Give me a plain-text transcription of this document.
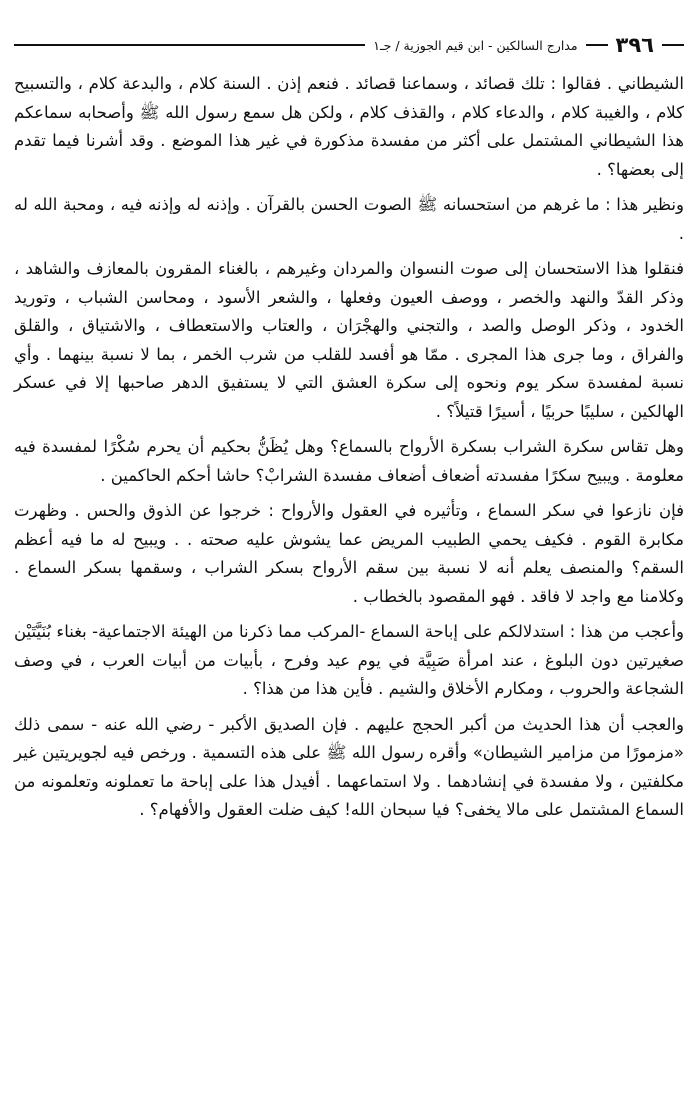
٣٩٦
مدارج السالكين - ابن قيم الجوزية / جـ١

الشيطاني . فقالوا : تلك قصائد ، وسماعنا قصائد . فنعم إذن . السنة كلام ، والبدعة كلام ، والتسبيح كلام ، والغيبة كلام ، والدعاء كلام ، والقذف كلام ، ولكن هل سمع رسول الله ﷺ وأصحابه سماعكم هذا الشيطاني المشتمل على أكثر من مفسدة مذكورة في غير هذا الموضع . وقد أشرنا فيما تقدم إلى بعضها؟ .

ونظير هذا : ما غرهم من استحسانه ﷺ الصوت الحسن بالقرآن . وإذنه له وإذنه فيه ، ومحبة الله له .

فنقلوا هذا الاستحسان إلى صوت النسوان والمردان وغيرهم ، بالغناء المقرون بالمعازف والشاهد ، وذكر القدّ والنهد والخصر ، ووصف العيون وفعلها ، والشعر الأسود ، ومحاسن الشباب ، وتوريد الخدود ، وذكر الوصل والصد ، والتجني والهجْرَان ، والعتاب والاستعطاف ، والاشتياق ، والقلق والفراق ، وما جرى هذا المجرى . ممّا هو أفسد للقلب من شرب الخمر ، بما لا نسبة بينهما . وأي نسبة لمفسدة سكر يوم ونحوه إلى سكرة العشق التي لا يستفيق الدهر صاحبها إلا في عسكر الهالكين ، سليبًا حربيًا ، أسيرًا قتيلاً؟ .

وهل تقاس سكرة الشراب بسكرة الأرواح بالسماع؟ وهل يُظَنُّ بحكيم أن يحرم سُكْرًا لمفسدة فيه معلومة . ويبيح سكرًا مفسدته أضعاف أضعاف مفسدة الشرابْ؟ حاشا أحكم الحاكمين .

فإن نازعوا في سكر السماع ، وتأثيره في العقول والأرواح : خرجوا عن الذوق والحس . وظهرت مكابرة القوم . فكيف يحمي الطبيب المريض عما يشوش عليه صحته . . ويبيح له ما فيه أعظم السقم؟ والمنصف يعلم أنه لا نسبة بين سقم الأرواح بسكر الشراب ، وسقمها بسكر السماع . وكلامنا مع واجد لا فاقد . فهو المقصود بالخطاب .

وأعجب من هذا : استدلالكم على إباحة السماع -المركب مما ذكرنا من الهيئة الاجتماعية- بغناء بُنَيَّتَيْن صغيرتين دون البلوغ ، عند امرأة صَبِيَّة في يوم عيد وفرح ، بأبيات من أبيات العرب ، في وصف الشجاعة والحروب ، ومكارم الأخلاق والشيم . فأين هذا من هذا؟ .

والعجب أن هذا الحديث من أكبر الحجج عليهم . فإن الصديق الأكبر - رضي الله عنه - سمى ذلك «مزمورًا من مزامير الشيطان» وأقره رسول الله ﷺ على هذه التسمية . ورخص فيه لجويريتين غير مكلفتين ، ولا مفسدة في إنشادهما . ولا استماعهما . أفيدل هذا على إباحة ما تعملونه وتعلمونه من السماع المشتمل على مالا يخفى؟ فيا سبحان الله! كيف ضلت العقول والأفهام؟ .
